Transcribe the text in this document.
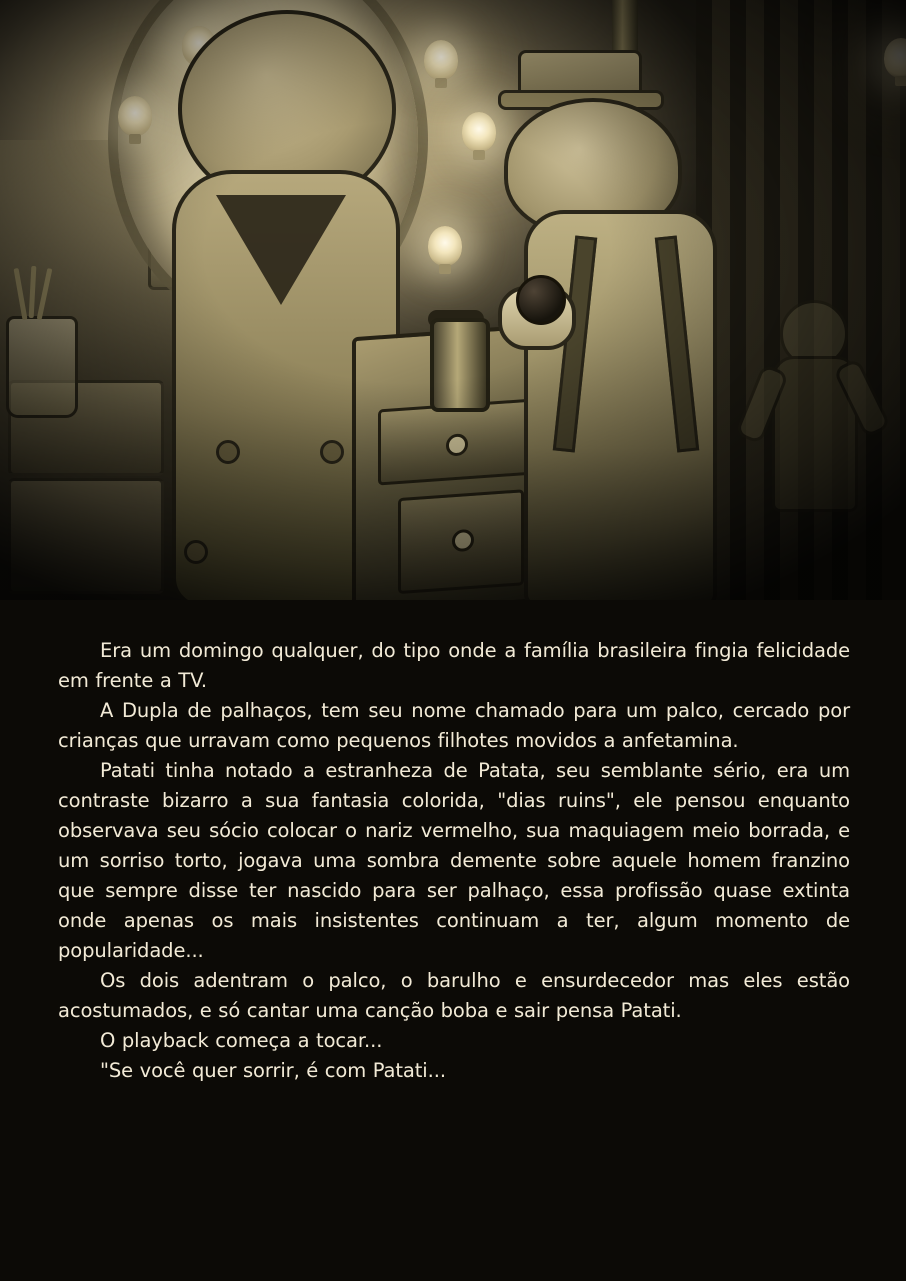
Era um domingo qualquer, do tipo onde a família brasileira fingia felicidade em frente a TV.

A Dupla de palhaços, tem seu nome chamado para um palco, cercado por crianças que urravam como pequenos filhotes movidos a anfetamina.

Patati tinha notado a estranheza de Patata, seu semblante sério, era um contraste bizarro a sua fantasia colorida, "dias ruins", ele pensou enquanto observava seu sócio colocar o nariz vermelho, sua maquiagem meio borrada, e um sorriso torto, jogava uma sombra demente sobre aquele homem franzino que sempre disse ter nascido para ser palhaço, essa profissão quase extinta onde apenas os mais insistentes continuam a ter, algum momento de popularidade...

Os dois adentram o palco, o barulho e ensurdecedor mas eles estão acostumados, e só cantar uma canção boba e sair pensa Patati.

O playback começa a tocar...

"Se você quer sorrir, é com Patati...
